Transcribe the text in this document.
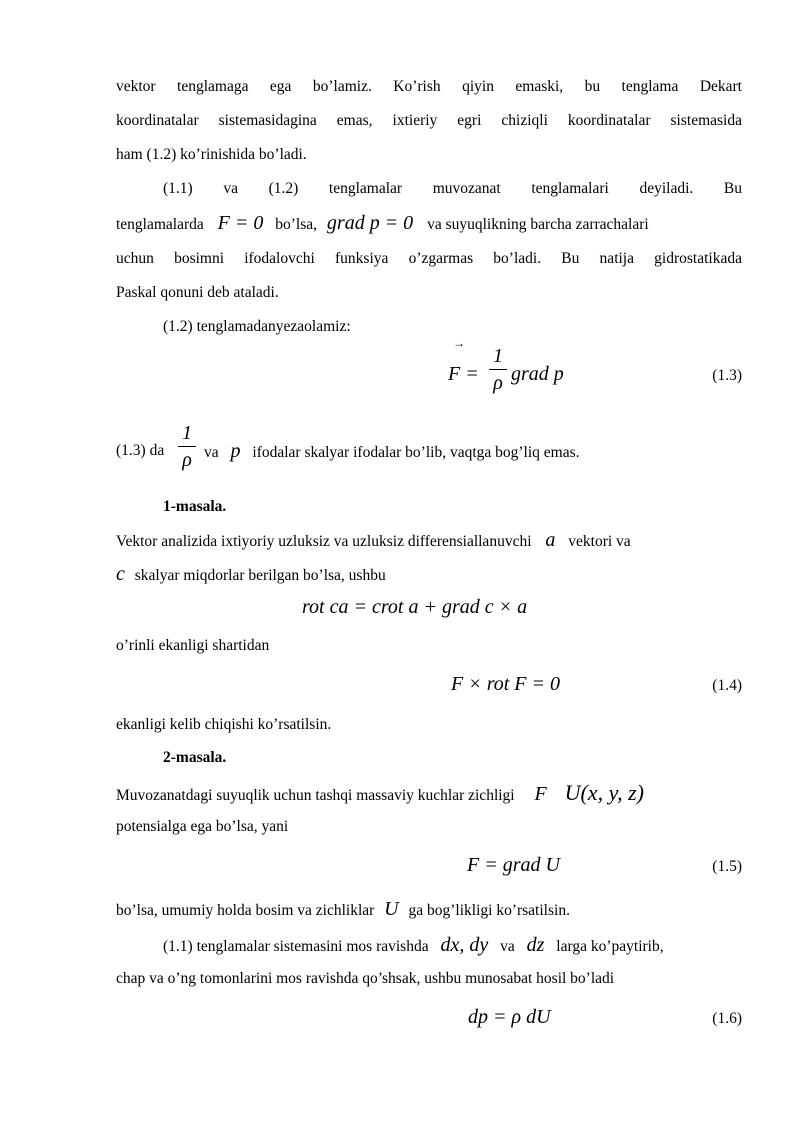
vektor tenglamaga ega bo’lamiz. Ko’rish qiyin emaski, bu tenglama Dekart
koordinatalar sistemasidagina emas, ixtieriy egri chiziqli koordinatalar sistemasida
ham (1.2) ko’rinishida bo’ladi.
(1.1) va (1.2) tenglamalar muvozanat tenglamalari deyiladi. Bu
tenglamalarda F = 0 bo’lsa, grad p = 0 va suyuqlikning barcha zarrachalari
uchun bosimni ifodalovchi funksiya o’zgarmas bo’ladi. Bu natija gidrostatikada
Paskal qonuni deb ataladi.
(1.2) tenglamadanyezaolamiz:
→
F =
1
ρ grad p	(1.3)
(1.3) da
1
ρ va p ifodalar skalyar ifodalar bo’lib, vaqtga bog’liq emas.
1-masala.
Vektor analizida ixtiyoriy uzluksiz va uzluksiz differensiallanuvchi a vektori va
c skalyar miqdorlar berilgan bo’lsa, ushbu
rot ca = crot a + grad c × a
o’rinli ekanligi shartidan
F × rot F = 0	(1.4)
ekanligi kelib chiqishi ko’rsatilsin.
2-masala.
Muvozanatdagi suyuqlik uchun tashqi massaviy kuchlar zichligi F U(x, y, z)
potensialga ega bo’lsa, yani
F = grad U	(1.5)
bo’lsa, umumiy holda bosim va zichliklar U ga bog’likligi ko’rsatilsin.
(1.1) tenglamalar sistemasini mos ravishda dx, dy va dz larga ko’paytirib,
chap va o’ng tomonlarini mos ravishda qo’shsak, ushbu munosabat hosil bo’ladi
dp = ρ dU	(1.6)
